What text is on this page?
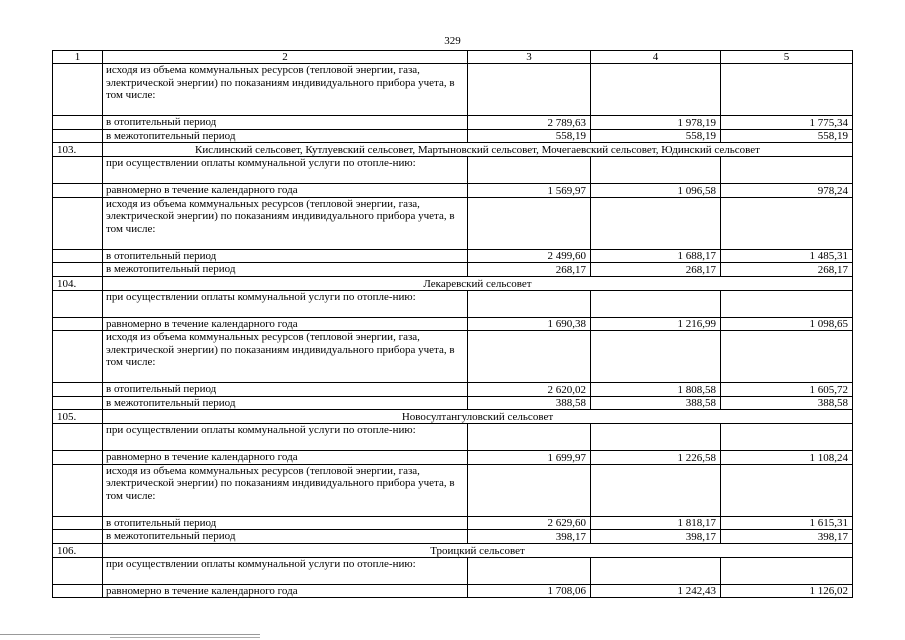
329
1	2	3	4	5
	исходя из объема коммунальных ресурсов (тепловой энергии, газа, электрической энергии) по показаниям индивидуального прибора учета, в том числе:			
	в отопительный период	2 789,63	1 978,19	1 775,34
	в межотопительный период	558,19	558,19	558,19
103.	Кислинский сельсовет, Кутлуевский сельсовет, Мартыновский сельсовет, Мочегаевский сельсовет, Юдинский сельсовет			
	при осуществлении оплаты коммунальной услуги по отопле-нию:			
	равномерно в течение календарного года	1 569,97	1 096,58	978,24
	исходя из объема коммунальных ресурсов (тепловой энергии, газа, электрической энергии) по показаниям индивидуального прибора учета, в том числе:			
	в отопительный период	2 499,60	1 688,17	1 485,31
	в межотопительный период	268,17	268,17	268,17
104.	Лекаревский сельсовет			
	при осуществлении оплаты коммунальной услуги по отопле-нию:			
	равномерно в течение календарного года	1 690,38	1 216,99	1 098,65
	исходя из объема коммунальных ресурсов (тепловой энергии, газа, электрической энергии) по показаниям индивидуального прибора учета, в том числе:			
	в отопительный период	2 620,02	1 808,58	1 605,72
	в межотопительный период	388,58	388,58	388,58
105.	Новосултангуловский сельсовет			
	при осуществлении оплаты коммунальной услуги по отопле-нию:			
	равномерно в течение календарного года	1 699,97	1 226,58	1 108,24
	исходя из объема коммунальных ресурсов (тепловой энергии, газа, электрической энергии) по показаниям индивидуального прибора учета, в том числе:			
	в отопительный период	2 629,60	1 818,17	1 615,31
	в межотопительный период	398,17	398,17	398,17
106.	Троицкий сельсовет			
	при осуществлении оплаты коммунальной услуги по отопле-нию:			
	равномерно в течение календарного года	1 708,06	1 242,43	1 126,02
